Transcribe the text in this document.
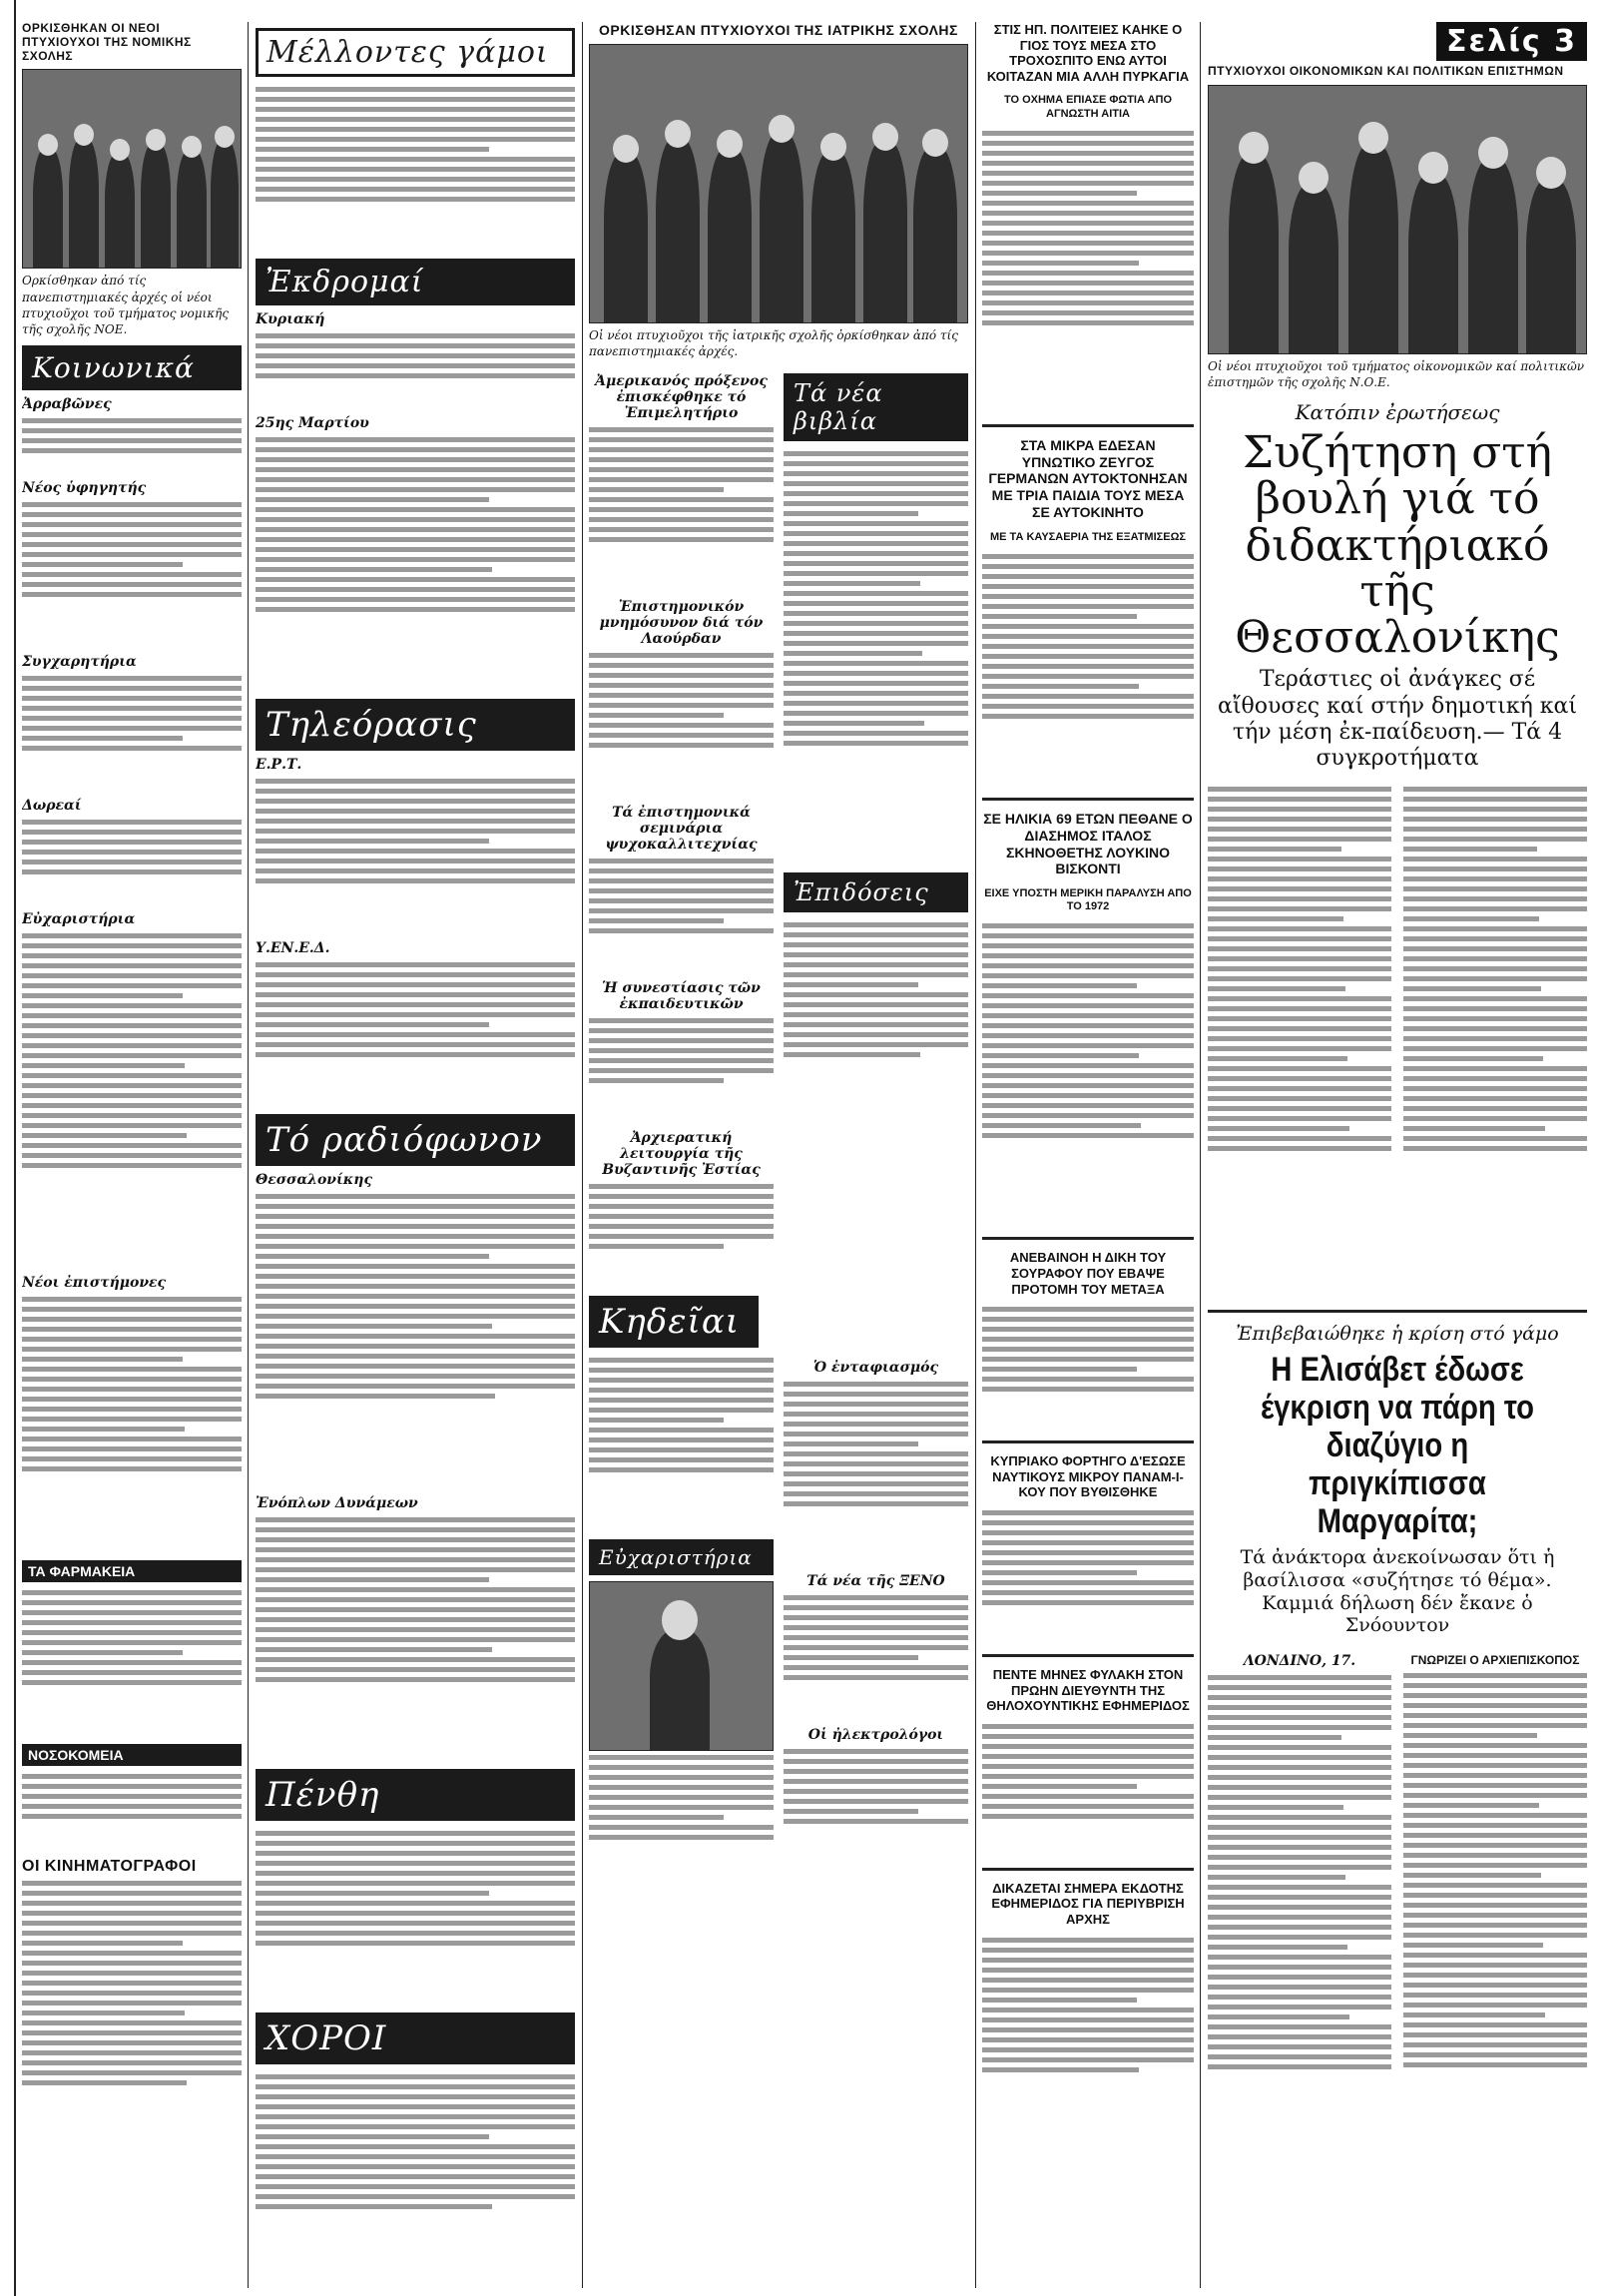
ΟΡΚΙΣΘΗΚΑΝ ΟΙ ΝΕΟΙ ΠΤΥΧΙΟΥΧΟΙ ΤΗΣ ΝΟΜΙΚΗΣ ΣΧΟΛΗΣ
Ορκίσθηκαν ἀπό τίς πανεπιστημιακές ἀρχές οἱ νέοι πτυχιοῦχοι τοῦ τμήματος νομικῆς τῆς σχολῆς ΝΟΕ.
Κοινωνικά
Ἀρραβῶνες
Νέος ὑφηγητής
Συγχαρητήρια
Δωρεαί
Εὐχαριστήρια
Νέοι ἐπιστήμονες
ΤΑ ΦΑΡΜΑΚΕΙΑ
ΝΟΣΟΚΟΜΕΙΑ
ΟΙ ΚΙΝΗΜΑΤΟΓΡΑΦΟΙ
Μέλλοντες γάμοι
Ἐκδρομαί
Κυριακή
25ης Μαρτίου
Τηλεόρασις
Ε.Ρ.Τ.
Υ.ΕΝ.Ε.Δ.
Τό ραδιόφωνον
Θεσσαλονίκης
Ἐνόπλων Δυνάμεων
Πένθη
ΧΟΡΟΙ
ΟΡΚΙΣΘΗΣΑΝ ΠΤΥΧΙΟΥΧΟΙ ΤΗΣ ΙΑΤΡΙΚΗΣ ΣΧΟΛΗΣ
Οἱ νέοι πτυχιοῦχοι τῆς ἰατρικῆς σχολῆς ὁρκίσθηκαν ἀπό τίς πανεπιστημιακές ἀρχές.
Ἀμερικανός πρόξενος ἐπισκέφθηκε τό Ἐπιμελητήριο
Ἐπιστημονικόν μνημόσυνον διά τόν Λαούρδαν
Τά ἐπιστημονικά σεμινάρια ψυχοκαλλιτεχνίας
Ἡ συνεστίασις τῶν ἐκπαιδευτικῶν
Ἀρχιερατική λειτουργία τῆς Βυζαντινῆς Ἐστίας
Τά νέα βιβλία
Ἐπιδόσεις
Κηδεῖαι
Εὐχαριστήρια
Ὁ ἐνταφιασμός
Τά νέα τῆς ΞΕΝΟ
Οἱ ἠλεκτρολόγοι
ΣΤΙΣ ΗΠ. ΠΟΛΙΤΕΙΕΣ ΚΑΗΚΕ Ο ΓΙΟΣ ΤΟΥΣ ΜΕΣΑ ΣΤΟ ΤΡΟΧΟΣΠΙΤΟ ΕΝΩ ΑΥΤΟΙ ΚΟΙΤΑΖΑΝ ΜΙΑ ΑΛΛΗ ΠΥΡΚΑΓΙΑ
ΤΟ ΟΧΗΜΑ ΕΠΙΑΣΕ ΦΩΤΙΑ ΑΠΟ ΑΓΝΩΣΤΗ ΑΙΤΙΑ
ΣΤΑ ΜΙΚΡΑ ΕΔΕΣΑΝ ΥΠΝΩΤΙΚΟ ΖΕΥΓΟΣ ΓΕΡΜΑΝΩΝ ΑΥΤΟΚΤΟΝΗΣΑΝ ΜΕ ΤΡΙΑ ΠΑΙΔΙΑ ΤΟΥΣ ΜΕΣΑ ΣΕ ΑΥΤΟΚΙΝΗΤΟ
ΜΕ ΤΑ ΚΑΥΣΑΕΡΙΑ ΤΗΣ ΕΞΑΤΜΙΣΕΩΣ
ΣΕ ΗΛΙΚΙΑ 69 ΕΤΩΝ ΠΕΘΑΝΕ Ο ΔΙΑΣΗΜΟΣ ΙΤΑΛΟΣ ΣΚΗΝΟΘΕΤΗΣ ΛΟΥΚΙΝΟ ΒΙΣΚΟΝΤΙ
ΕΙΧΕ ΥΠΟΣΤΗ ΜΕΡΙΚΗ ΠΑΡΑΛΥΣΗ ΑΠΟ ΤΟ 1972
ΑΝΕΒΑΙΝΟΗ Η ΔΙΚΗ ΤΟΥ ΣΟΥΡΑΦΟΥ ΠΟΥ ΕΒΑΨΕ ΠΡΟΤΟΜΗ ΤΟΥ ΜΕΤΑΞΑ
ΚΥΠΡΙΑΚΟ ΦΟΡΤΗΓΟ Δ'ΕΣΩΣΕ ΝΑΥΤΙΚΟΥΣ ΜΙΚΡΟΥ ΠΑΝΑΜ-Ι-ΚΟΥ ΠΟΥ ΒΥΘΙΣΘΗΚΕ
ΠΕΝΤΕ ΜΗΝΕΣ ΦΥΛΑΚΗ ΣΤΟΝ ΠΡΩΗΝ ΔΙΕΥΘΥΝΤΗ ΤΗΣ ΘΗΛΟΧΟΥΝΤΙΚΗΣ ΕΦΗΜΕΡΙΔΟΣ
ΔΙΚΑΖΕΤΑΙ ΣΗΜΕΡΑ ΕΚΔΟΤΗΣ ΕΦΗΜΕΡΙΔΟΣ ΓΙΑ ΠΕΡΙΥΒΡΙΣΗ ΑΡΧΗΣ
Σελίς 3
ΠΤΥΧΙΟΥΧΟΙ ΟΙΚΟΝΟΜΙΚΩΝ ΚΑΙ ΠΟΛΙΤΙΚΩΝ ΕΠΙΣΤΗΜΩΝ
Οἱ νέοι πτυχιοῦχοι τοῦ τμήματος οἰκονομικῶν καί πολιτικῶν ἐπιστημῶν τῆς σχολῆς Ν.Ο.Ε.
Κατόπιν ἐρωτήσεως
Συζήτηση στή βουλή γιά τό διδακτήριακό τῆς Θεσσαλονίκης
Τεράστιες οἱ ἀνάγκες σέ αἴθουσες καί στήν δημοτική καί τήν μέση ἐκ-παίδευση.— Τά 4 συγκροτήματα
Ἐπιβεβαιώθηκε ἡ κρίση στό γάμο
Η Ελισάβετ έδωσε έγκριση να πάρη το διαζύγιο η πριγκίπισσα Μαργαρίτα;
Τά ἀνάκτορα ἀνεκοίνωσαν ὅτι ἡ βασίλισσα «συζήτησε τό θέμα». Καμμιά δήλωση δέν ἔκανε ὁ Σνόουντον
ΛΟΝΔΙΝΟ, 17.	ΓΝΩΡΙΖΕΙ Ο ΑΡΧΙΕΠΙΣΚΟΠΟΣ
